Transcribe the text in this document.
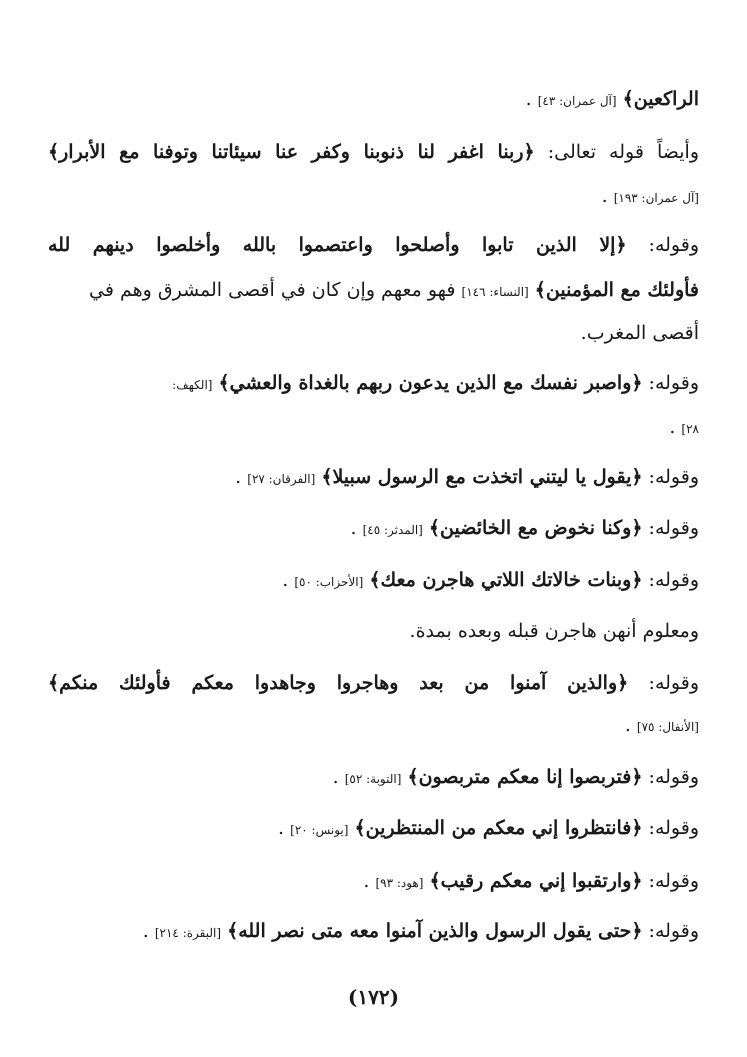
الراكعين﴾ [آل عمران: ٤٣] .
وأيضاً قوله تعالى: ﴿ربنا اغفر لنا ذنوبنا وكفر عنا سيئاتنا وتوفنا مع الأبرار﴾
[آل عمران: ١٩٣] .
وقوله: ﴿إلا الذين تابوا وأصلحوا واعتصموا بالله وأخلصوا دينهم لله
فأولئك مع المؤمنين﴾ [النساء: ١٤٦] فهو معهم وإن كان في أقصى المشرق وهم في
أقصى المغرب.
وقوله: ﴿واصبر نفسك مع الذين يدعون ربهم بالغداة والعشي﴾ [الكهف:
٢٨] .
وقوله: ﴿يقول يا ليتني اتخذت مع الرسول سبيلا﴾ [الفرقان: ٢٧] .
وقوله: ﴿وكنا نخوض مع الخائضين﴾ [المدثر: ٤٥] .
وقوله: ﴿وبنات خالاتك اللاتي هاجرن معك﴾ [الأحزاب: ٥٠] .
ومعلوم أنهن هاجرن قبله وبعده بمدة.
وقوله: ﴿والذين آمنوا من بعد وهاجروا وجاهدوا معكم فأولئك منكم﴾
[الأنفال: ٧٥] .
وقوله: ﴿فتربصوا إنا معكم متربصون﴾ [التوبة: ٥٢] .
وقوله: ﴿فانتظروا إني معكم من المنتظرين﴾ [يونس: ٢٠] .
وقوله: ﴿وارتقبوا إني معكم رقيب﴾ [هود: ٩٣] .
وقوله: ﴿حتى يقول الرسول والذين آمنوا معه متى نصر الله﴾ [البقرة: ٢١٤] .
(١٧٢)
